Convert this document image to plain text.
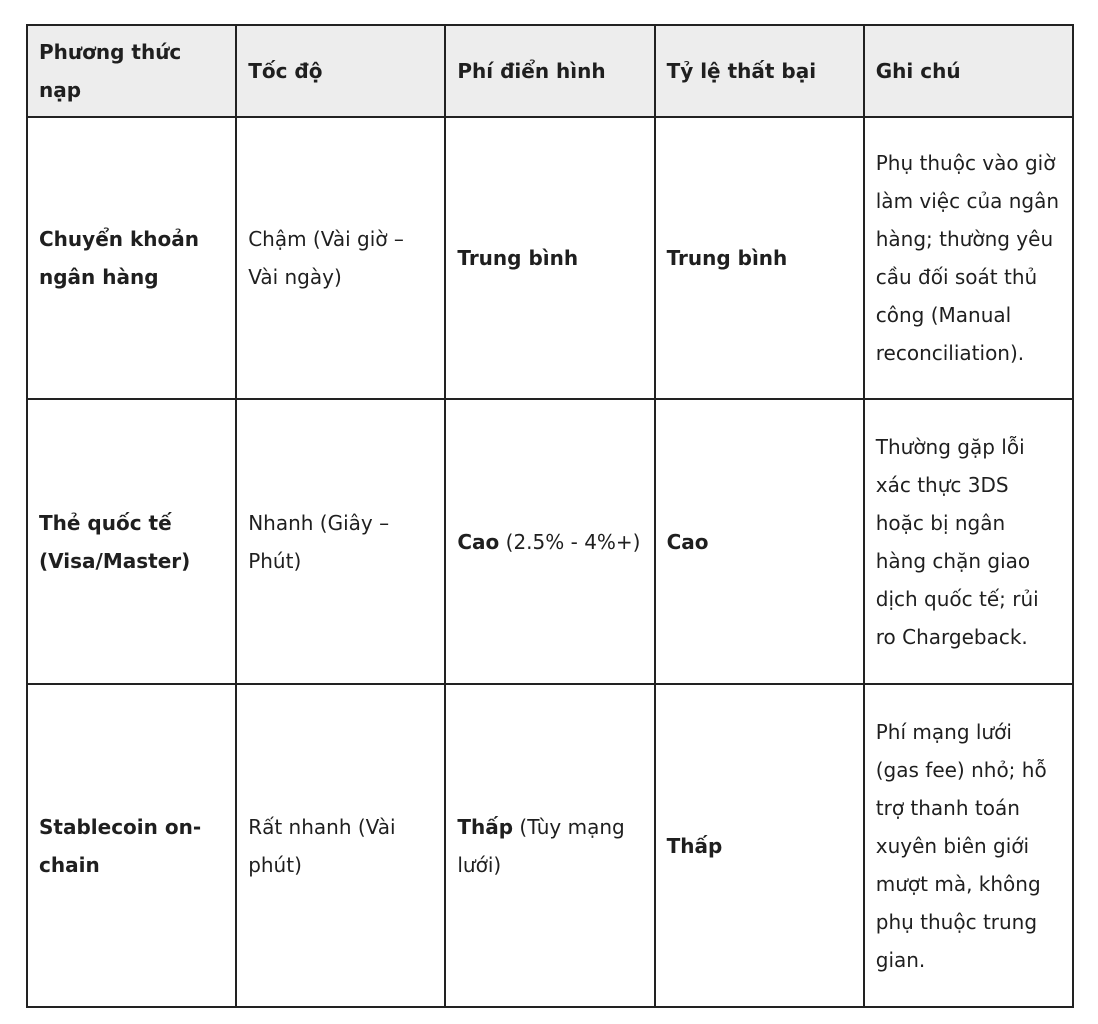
Phương thức nạp	Tốc độ	Phí điển hình	Tỷ lệ thất bại	Ghi chú
Chuyển khoản ngân hàng	Chậm (Vài giờ – Vài ngày)	Trung bình	Trung bình	Phụ thuộc vào giờ làm việc của ngân hàng; thường yêu cầu đối soát thủ công (Manual reconciliation).
Thẻ quốc tế (Visa/Master)	Nhanh (Giây – Phút)	Cao (2.5% - 4%+)	Cao	Thường gặp lỗi xác thực 3DS hoặc bị ngân hàng chặn giao dịch quốc tế; rủi ro Chargeback.
Stablecoin on-chain	Rất nhanh (Vài phút)	Thấp (Tùy mạng lưới)	Thấp	Phí mạng lưới (gas fee) nhỏ; hỗ trợ thanh toán xuyên biên giới mượt mà, không phụ thuộc trung gian.
